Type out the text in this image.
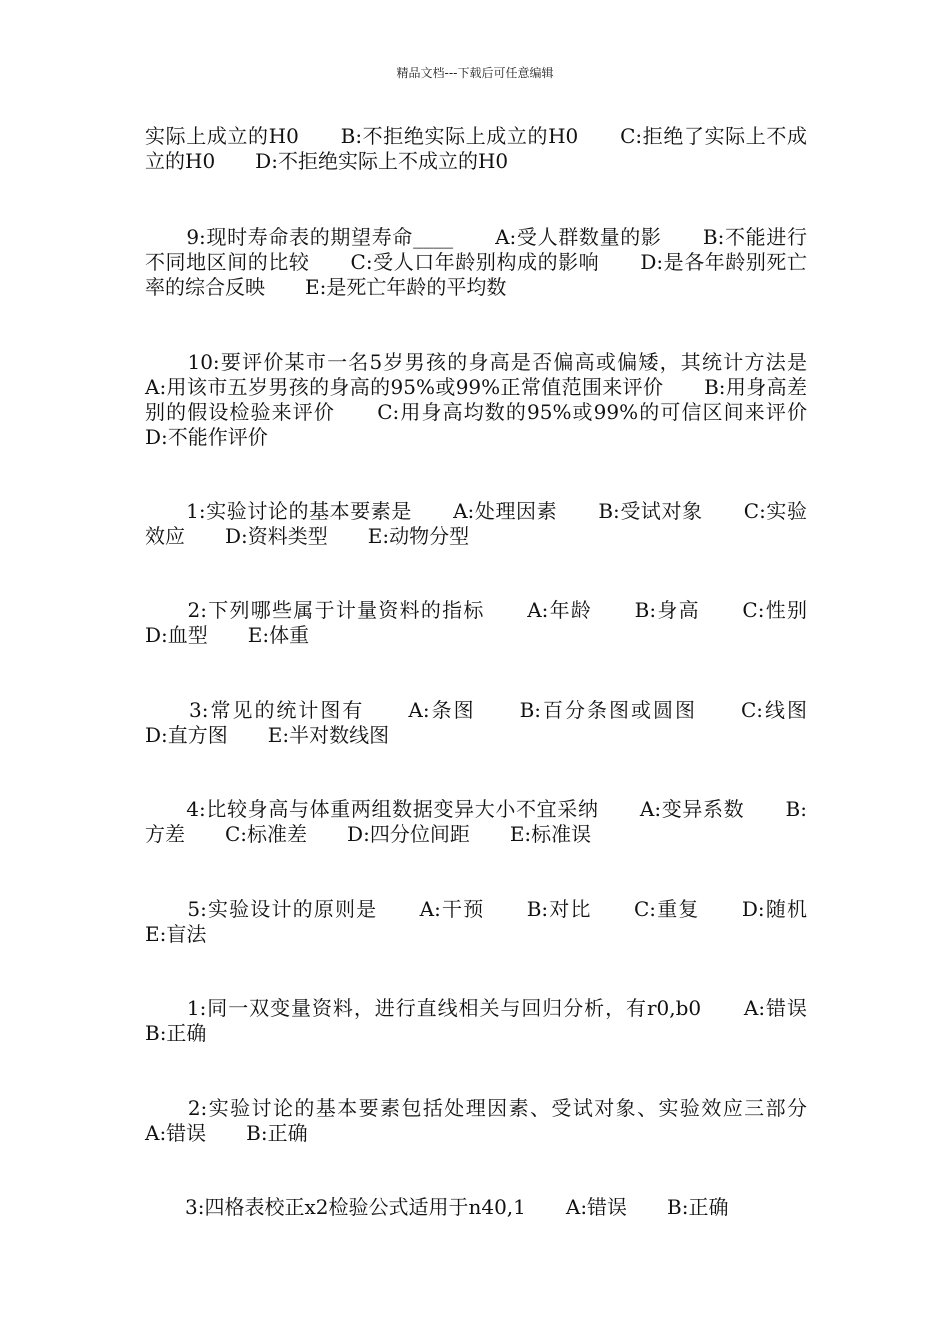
精品文档---下载后可任意编辑

实际上成立的H0　　B:不拒绝实际上成立的H0　　C:拒绝了实际上不成立的H0　　D:不拒绝实际上不成立的H0

　　9:现时寿命表的期望寿命____　　A:受人群数量的影　　B:不能进行不同地区间的比较　　C:受人口年龄别构成的影响　　D:是各年龄别死亡率的综合反映　　E:是死亡年龄的平均数

　　10:要评价某市一名5岁男孩的身高是否偏高或偏矮，其统计方法是　　A:用该市五岁男孩的身高的95%或99%正常值范围来评价　　B:用身高差别的假设检验来评价　　C:用身高均数的95%或99%的可信区间来评价　　D:不能作评价

　　1:实验讨论的基本要素是　　A:处理因素　　B:受试对象　　C:实验效应　　D:资料类型　　E:动物分型

　　2:下列哪些属于计量资料的指标　　A:年龄　　B:身高　　C:性别　　D:血型　　E:体重

　　3:常见的统计图有　　A:条图　　B:百分条图或圆图　　C:线图　　D:直方图　　E:半对数线图

　　4:比较身高与体重两组数据变异大小不宜采纳　　A:变异系数　　B:方差　　C:标准差　　D:四分位间距　　E:标准误

　　5:实验设计的原则是　　A:干预　　B:对比　　C:重复　　D:随机　　E:盲法

　　1:同一双变量资料，进行直线相关与回归分析，有r0,b0　　A:错误　　B:正确

　　2:实验讨论的基本要素包括处理因素、受试对象、实验效应三部分　　A:错误　　B:正确

　　3:四格表校正x2检验公式适用于n40,1　　A:错误　　B:正确
